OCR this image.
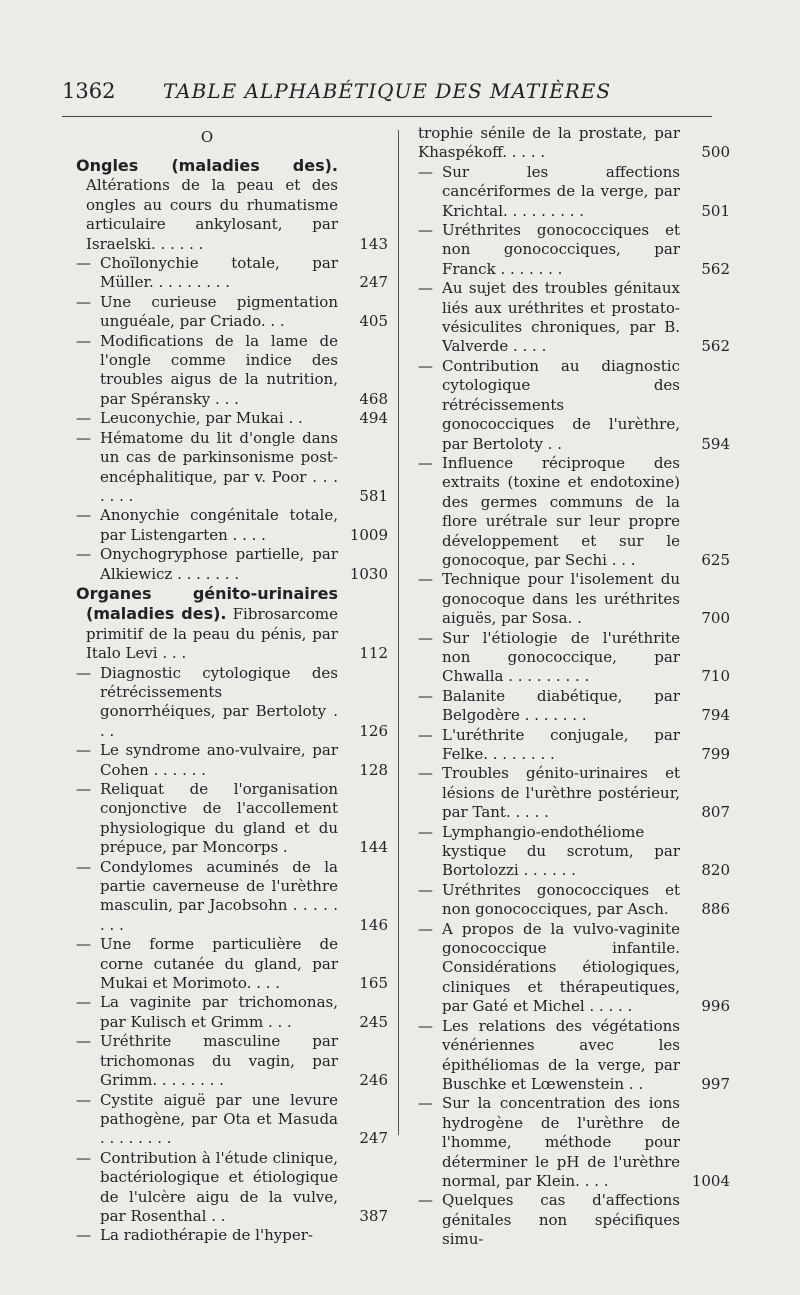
1362	TABLE ALPHABÉTIQUE DES MATIÈRES
O
Ongles (maladies des). Altérations de la peau et des ongles au cours du rhumatisme articulaire ankylosant, par Israelski. . . . . .	143
— Choïlonychie totale, par Müller. . . . . . . . .	247
— Une curieuse pigmentation unguéale, par Criado. . .	405
— Modifications de la lame de l'ongle comme indice des troubles aigus de la nutrition, par Spéransky . . .	468
— Leuconychie, par Mukai . .	494
— Hématome du lit d'ongle dans un cas de parkinsonisme post-encéphalitique, par v. Poor . . . . . . .	581
— Anonychie congénitale totale, par Listengarten . . . .	1009
— Onychogryphose partielle, par Alkiewicz . . . . . . .	1030
Organes génito-urinaires (maladies des). Fibrosarcome primitif de la peau du pénis, par Italo Levi . . .	112
— Diagnostic cytologique des rétrécissements gonorrhéiques, par Bertoloty . . .	126
— Le syndrome ano-vulvaire, par Cohen . . . . . .	128
— Reliquat de l'organisation conjonctive de l'accollement physiologique du gland et du prépuce, par Moncorps .	144
— Condylomes acuminés de la partie caverneuse de l'urèthre masculin, par Jacobsohn . . . . . . . .	146
— Une forme particulière de corne cutanée du gland, par Mukai et Morimoto. . . .	165
— La vaginite par trichomonas, par Kulisch et Grimm . . .	245
— Uréthrite masculine par trichomonas du vagin, par Grimm. . . . . . . .	246
— Cystite aiguë par une levure pathogène, par Ota et Masuda . . . . . . . .	247
— Contribution à l'étude clinique, bactériologique et étiologique de l'ulcère aigu de la vulve, par Rosenthal . .	387
— La radiothérapie de l'hyper-
trophie sénile de la prostate, par Khaspékoff. . . . .	500
— Sur les affections cancériformes de la verge, par Krichtal. . . . . . . . .	501
— Uréthrites gonococciques et non gonococciques, par Franck . . . . . . .	562
— Au sujet des troubles génitaux liés aux uréthrites et prostato-vésiculites chroniques, par B. Valverde . . . .	562
— Contribution au diagnostic cytologique des rétrécissements gonococciques de l'urèthre, par Bertoloty . .	594
— Influence réciproque des extraits (toxine et endotoxine) des germes communs de la flore urétrale sur leur propre développement et sur le gonocoque, par Sechi . . .	625
— Technique pour l'isolement du gonocoque dans les uréthrites aiguës, par Sosa. .	700
— Sur l'étiologie de l'uréthrite non gonococcique, par Chwalla . . . . . . . . .	710
— Balanite diabétique, par Belgodère . . . . . . .	794
— L'uréthrite conjugale, par Felke. . . . . . . .	799
— Troubles génito-urinaires et lésions de l'urèthre postérieur, par Tant. . . . .	807
— Lymphangio-endothéliome kystique du scrotum, par Bortolozzi . . . . . .	820
— Uréthrites gonococciques et non gonococciques, par Asch.	886
— A propos de la vulvo-vaginite gonococcique infantile. Considérations étiologiques, cliniques et thérapeutiques, par Gaté et Michel . . . . .	996
— Les relations des végétations vénériennes avec les épithéliomas de la verge, par Buschke et Lœwenstein . .	997
— Sur la concentration des ions hydrogène de l'urèthre de l'homme, méthode pour déterminer le pH de l'urèthre normal, par Klein. . . .	1004
— Quelques cas d'affections génitales non spécifiques simu-
